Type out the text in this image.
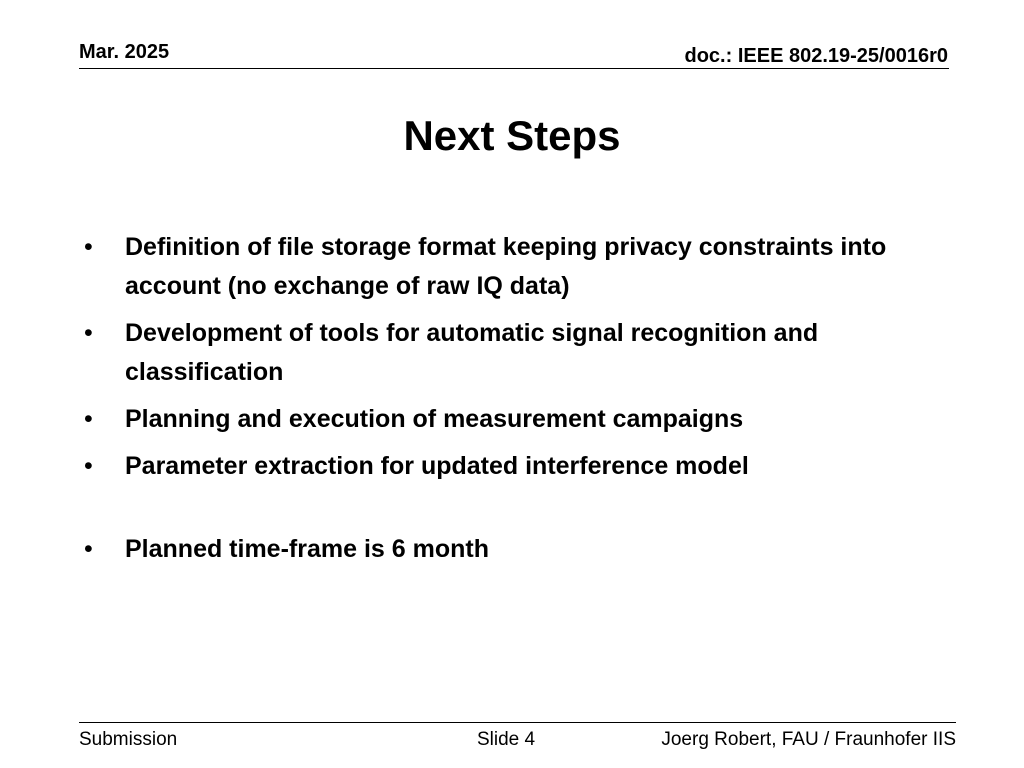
Mar. 2025	doc.: IEEE 802.19-25/0016r0
Next Steps
• Definition of file storage format keeping privacy constraints into account (no exchange of raw IQ data)
• Development of tools for automatic signal recognition and classification
• Planning and execution of measurement campaigns
• Parameter extraction for updated interference model
• Planned time-frame is 6 month
Submission	Slide 4	Joerg Robert, FAU / Fraunhofer IIS
